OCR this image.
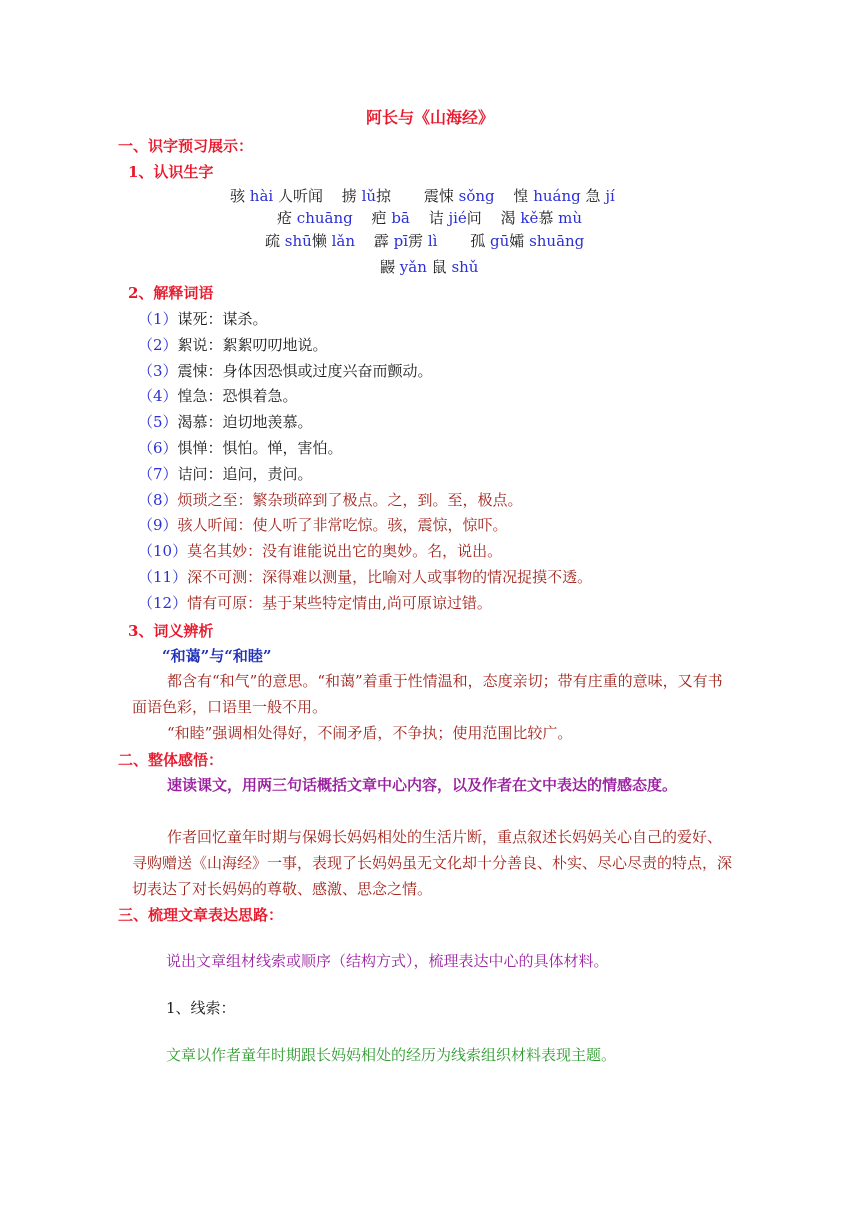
阿长与《山海经》
一、识字预习展示：
1、认识生字
骇 hài 人听闻 掳 lǔ掠 震悚 sǒng 惶 huáng 急 jí
疮 chuāng 疤 bā 诘 jié问 渴 kě慕 mù
疏 shū懒 lǎn 霹 pī雳 lì 孤 gū孀 shuāng
鼹 yǎn 鼠 shǔ
2、解释词语
（1）谋死：谋杀。
（2）絮说：絮絮叨叨地说。
（3）震悚：身体因恐惧或过度兴奋而颤动。
（4）惶急：恐惧着急。
（5）渴慕：迫切地羡慕。
（6）惧惮：惧怕。惮，害怕。
（7）诘问：追问，责问。
（8）烦琐之至：繁杂琐碎到了极点。之，到。至，极点。
（9）骇人听闻：使人听了非常吃惊。骇，震惊，惊吓。
（10）莫名其妙：没有谁能说出它的奥妙。名，说出。
（11）深不可测：深得难以测量，比喻对人或事物的情况捉摸不透。
（12）情有可原：基于某些特定情由,尚可原谅过错。
3、词义辨析
“和蔼”与“和睦”
都含有“和气”的意思。“和蔼”着重于性情温和，态度亲切；带有庄重的意味，又有书面语色彩，口语里一般不用。
“和睦”强调相处得好，不闹矛盾，不争执；使用范围比较广。
二、整体感悟：
速读课文，用两三句话概括文章中心内容，以及作者在文中表达的情感态度。
作者回忆童年时期与保姆长妈妈相处的生活片断，重点叙述长妈妈关心自己的爱好、寻购赠送《山海经》一事，表现了长妈妈虽无文化却十分善良、朴实、尽心尽责的特点，深切表达了对长妈妈的尊敬、感激、思念之情。
三、梳理文章表达思路：
说出文章组材线索或顺序（结构方式），梳理表达中心的具体材料。
1、线索：
文章以作者童年时期跟长妈妈相处的经历为线索组织材料表现主题。
